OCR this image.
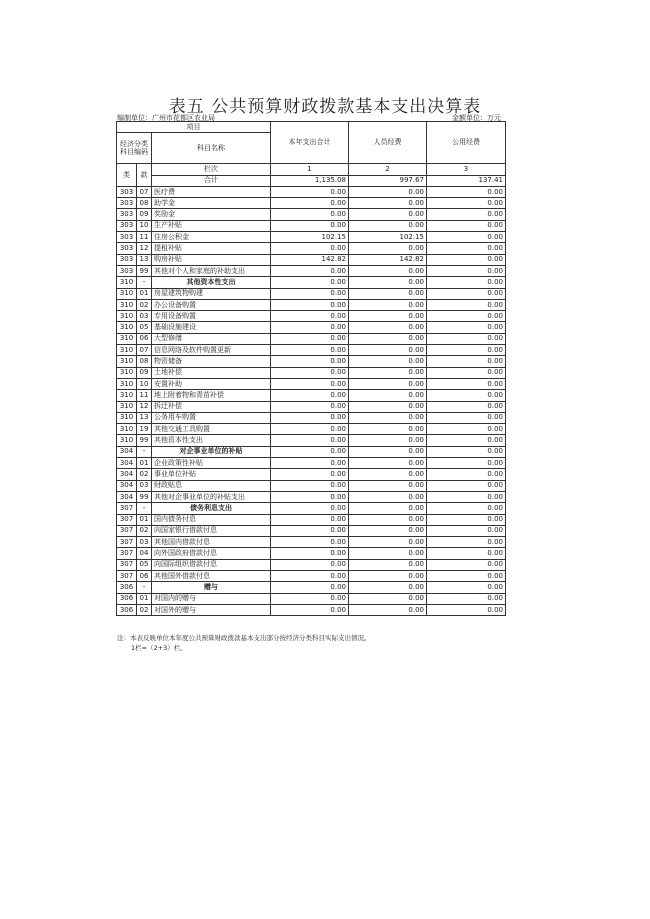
表五 公共预算财政拨款基本支出决算表
编制单位：广州市花都区农业局	金额单位：万元
项目			本年支出合计	人员经费	公用经费
经济分类科目编码		科目名称			

类	款	栏次	1	2	3
		合计	1,135.08	997.67	137.41
303	07	医疗费	0.00	0.00	0.00
303	08	助学金	0.00	0.00	0.00
303	09	奖励金	0.00	0.00	0.00
303	10	生产补贴	0.00	0.00	0.00
303	11	住房公积金	102.15	102.15	0.00
303	12	提租补贴	0.00	0.00	0.00
303	13	购房补贴	142.82	142.82	0.00
303	99	其他对个人和家庭的补助支出	0.00	0.00	0.00
310	-	其他资本性支出	0.00	0.00	0.00
310	01	房屋建筑物购建	0.00	0.00	0.00
310	02	办公设备购置	0.00	0.00	0.00
310	03	专用设备购置	0.00	0.00	0.00
310	05	基础设施建设	0.00	0.00	0.00
310	06	大型修缮	0.00	0.00	0.00
310	07	信息网络及软件购置更新	0.00	0.00	0.00
310	08	物资储备	0.00	0.00	0.00
310	09	土地补偿	0.00	0.00	0.00
310	10	安置补助	0.00	0.00	0.00
310	11	地上附着物和青苗补偿	0.00	0.00	0.00
310	12	拆迁补偿	0.00	0.00	0.00
310	13	公务用车购置	0.00	0.00	0.00
310	19	其他交通工具购置	0.00	0.00	0.00
310	99	其他资本性支出	0.00	0.00	0.00
304	-	对企事业单位的补贴	0.00	0.00	0.00
304	01	企业政策性补贴	0.00	0.00	0.00
304	02	事业单位补贴	0.00	0.00	0.00
304	03	财政贴息	0.00	0.00	0.00
304	99	其他对企事业单位的补贴支出	0.00	0.00	0.00
307	-	债务利息支出	0.00	0.00	0.00
307	01	国内债务付息	0.00	0.00	0.00
307	02	向国家银行借款付息	0.00	0.00	0.00
307	03	其他国内借款付息	0.00	0.00	0.00
307	04	向外国政府借款付息	0.00	0.00	0.00
307	05	向国际组织借款付息	0.00	0.00	0.00
307	06	其他国外借款付息	0.00	0.00	0.00
306	-	赠与	0.00	0.00	0.00
306	01	对国内的赠与	0.00	0.00	0.00
306	02	对国外的赠与	0.00	0.00	0.00
注：本表反映单位本年度公共预算财政拨款基本支出部分按经济分类科目实际支出情况。
1栏=（2+3）栏。
